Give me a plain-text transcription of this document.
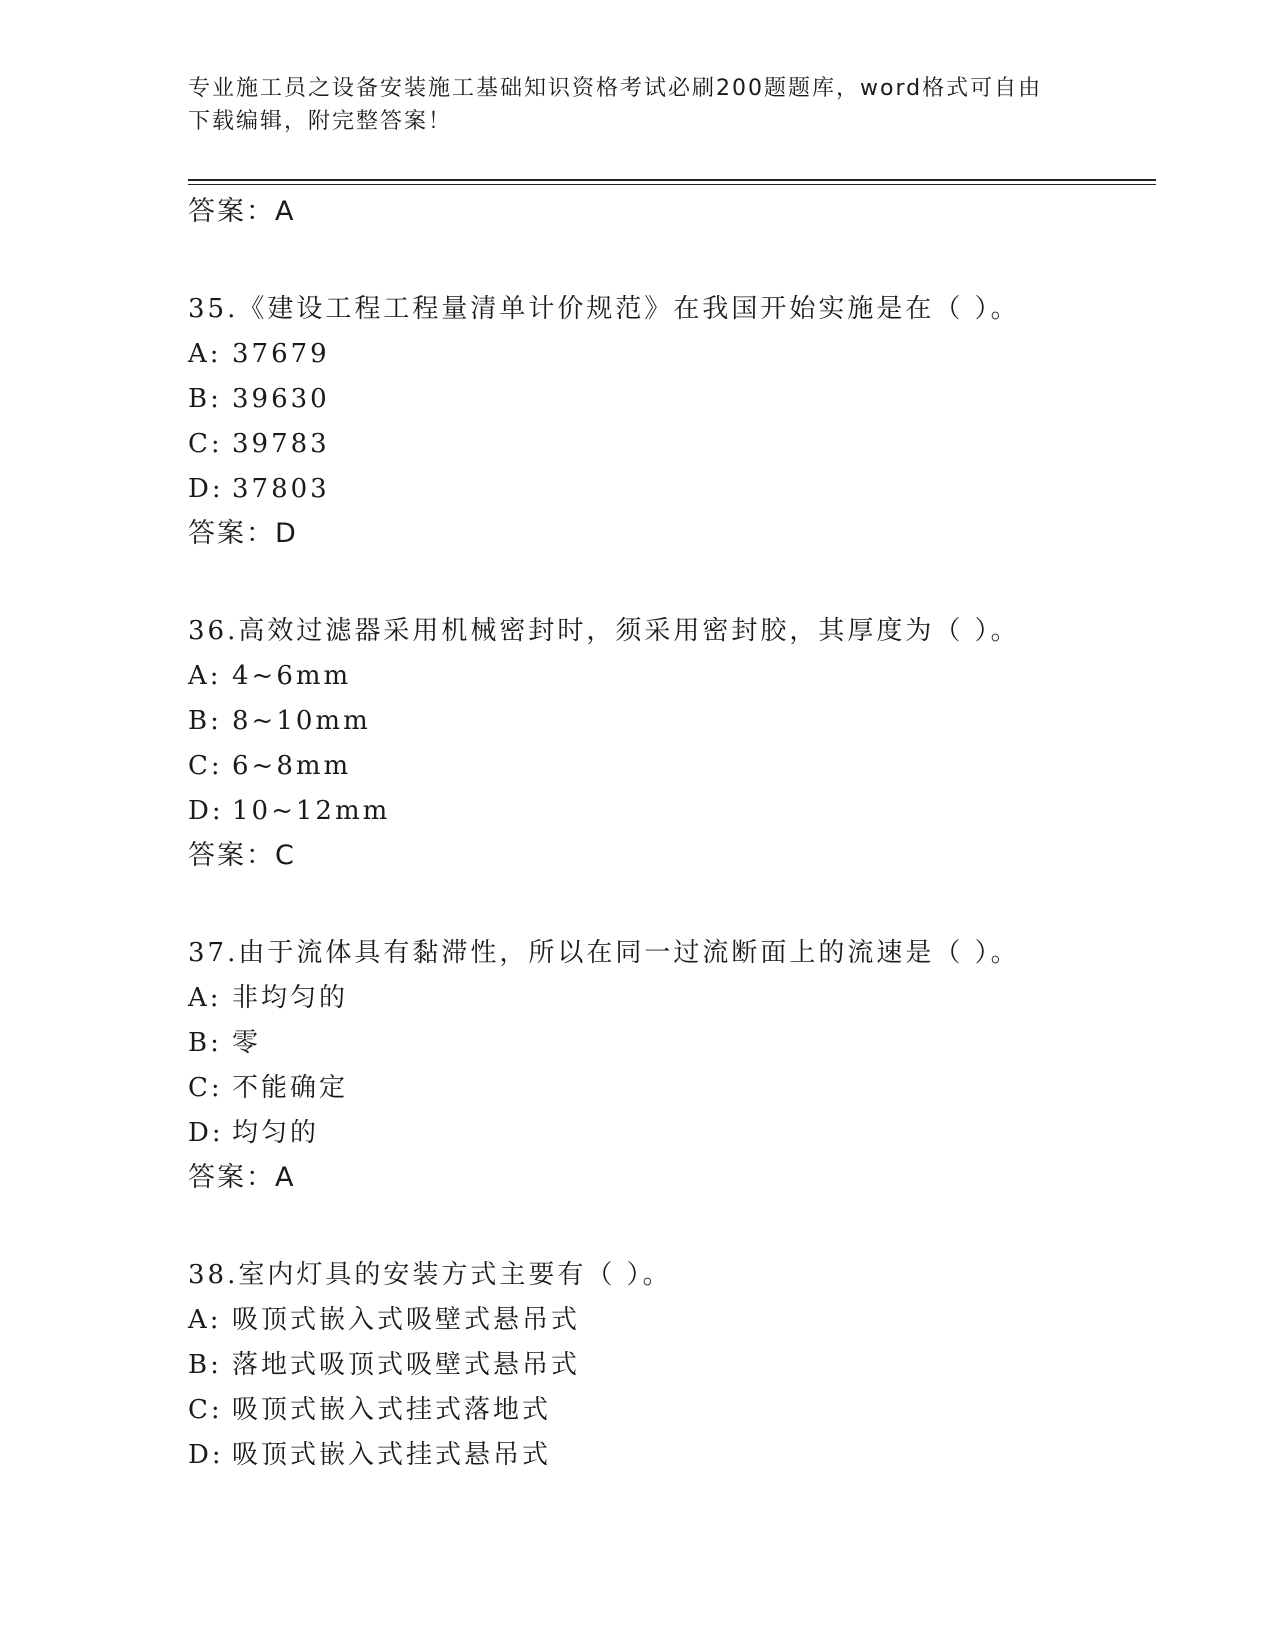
专业施工员之设备安装施工基础知识资格考试必刷200题题库，word格式可自由
下载编辑，附完整答案！
答案：A
35.《建设工程工程量清单计价规范》在我国开始实施是在（ ）。
A: 37679
B: 39630
C: 39783
D: 37803
答案：D
36.高效过滤器采用机械密封时，须采用密封胶，其厚度为（ ）。
A: 4~6mm
B: 8~10mm
C: 6~8mm
D: 10~12mm
答案：C
37.由于流体具有黏滞性，所以在同一过流断面上的流速是（ ）。
A: 非均匀的
B: 零
C: 不能确定
D: 均匀的
答案：A
38.室内灯具的安装方式主要有（ ）。
A: 吸顶式嵌入式吸壁式悬吊式
B: 落地式吸顶式吸壁式悬吊式
C: 吸顶式嵌入式挂式落地式
D: 吸顶式嵌入式挂式悬吊式
